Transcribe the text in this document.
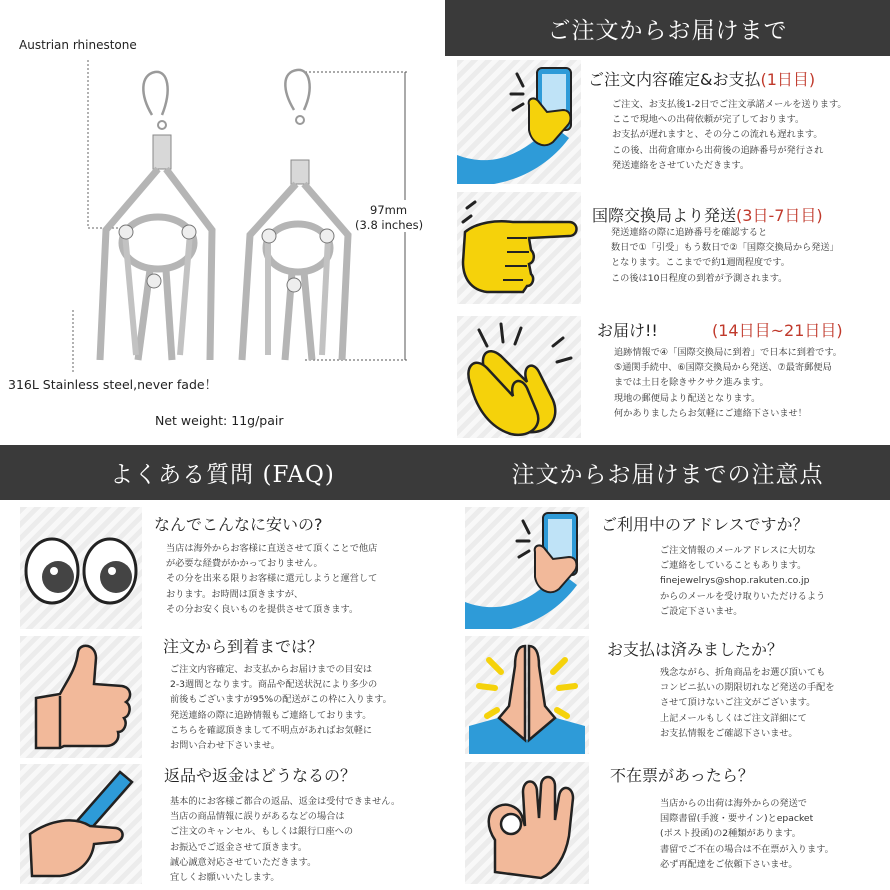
Austrian rhinestone
97mm
(3.8 inches)
316L Stainless steel,never fade！
Net weight: 11g/pair
ご注文からお届けまで
ご注文内容確定&お支払(1日目)
ご注文、お支払後1-2日でご注文承諾メールを送ります。
ここで現地への出荷依頼が完了しております。
お支払が遅れますと、その分この流れも遅れます。
この後、出荷倉庫から出荷後の追跡番号が発行され
発送連絡をさせていただきます。
国際交換局より発送(3日-7日目)
発送連絡の際に追跡番号を確認すると
数日で①「引受」もう数日で②「国際交換局から発送」
となります。ここまでで約1週間程度です。
この後は10日程度の到着が予測されます。
お届け!!	(14日目~21日目)
追跡情報で④「国際交換局に到着」で日本に到着です。
⑤通関手続中、⑥国際交換局から発送、⑦最寄郵便局
までは土日を除きサクサク進みます。
現地の郵便局より配送となります。
何かありましたらお気軽にご連絡下さいませ！
よくある質問 (FAQ)
なんでこんなに安いの?
当店は海外からお客様に直送させて頂くことで他店
が必要な経費がかかっておりません。
その分を出来る限りお客様に還元しようと運営して
おります。お時間は頂きますが、
その分お安く良いものを提供させて頂きます。
注文から到着までは？
ご注文内容確定、お支払からお届けまでの目安は
2-3週間となります。商品や配送状況により多少の
前後もございますが95%の配送がこの枠に入ります。
発送連絡の際に追跡情報もご連絡しております。
こちらを確認頂きまして不明点があればお気軽に
お問い合わせ下さいませ。
返品や返金はどうなるの？
基本的にお客様ご都合の返品、返金は受付できません。
当店の商品情報に誤りがあるなどの場合は
ご注文のキャンセル、もしくは銀行口座への
お振込でご返金させて頂きます。
誠心誠意対応させていただきます。
宜しくお願いいたします。
注文からお届けまでの注意点
ご利用中のアドレスですか？
ご注文情報のメールアドレスに大切な
ご連絡をしていることもあります。
finejewelrys@shop.rakuten.co.jp
からのメールを受け取りいただけるよう
ご設定下さいませ。
お支払は済みましたか？
残念ながら、折角商品をお選び頂いても
コンビニ払いの期限切れなど発送の手配を
させて頂けないご注文がございます。
上記メールもしくはご注文詳細にて
お支払情報をご確認下さいませ。
不在票があったら？
当店からの出荷は海外からの発送で
国際書留(手渡・要サイン)とepacket
(ポスト投函)の2種類があります。
書留でご不在の場合は不在票が入ります。
必ず再配達をご依頼下さいませ。
